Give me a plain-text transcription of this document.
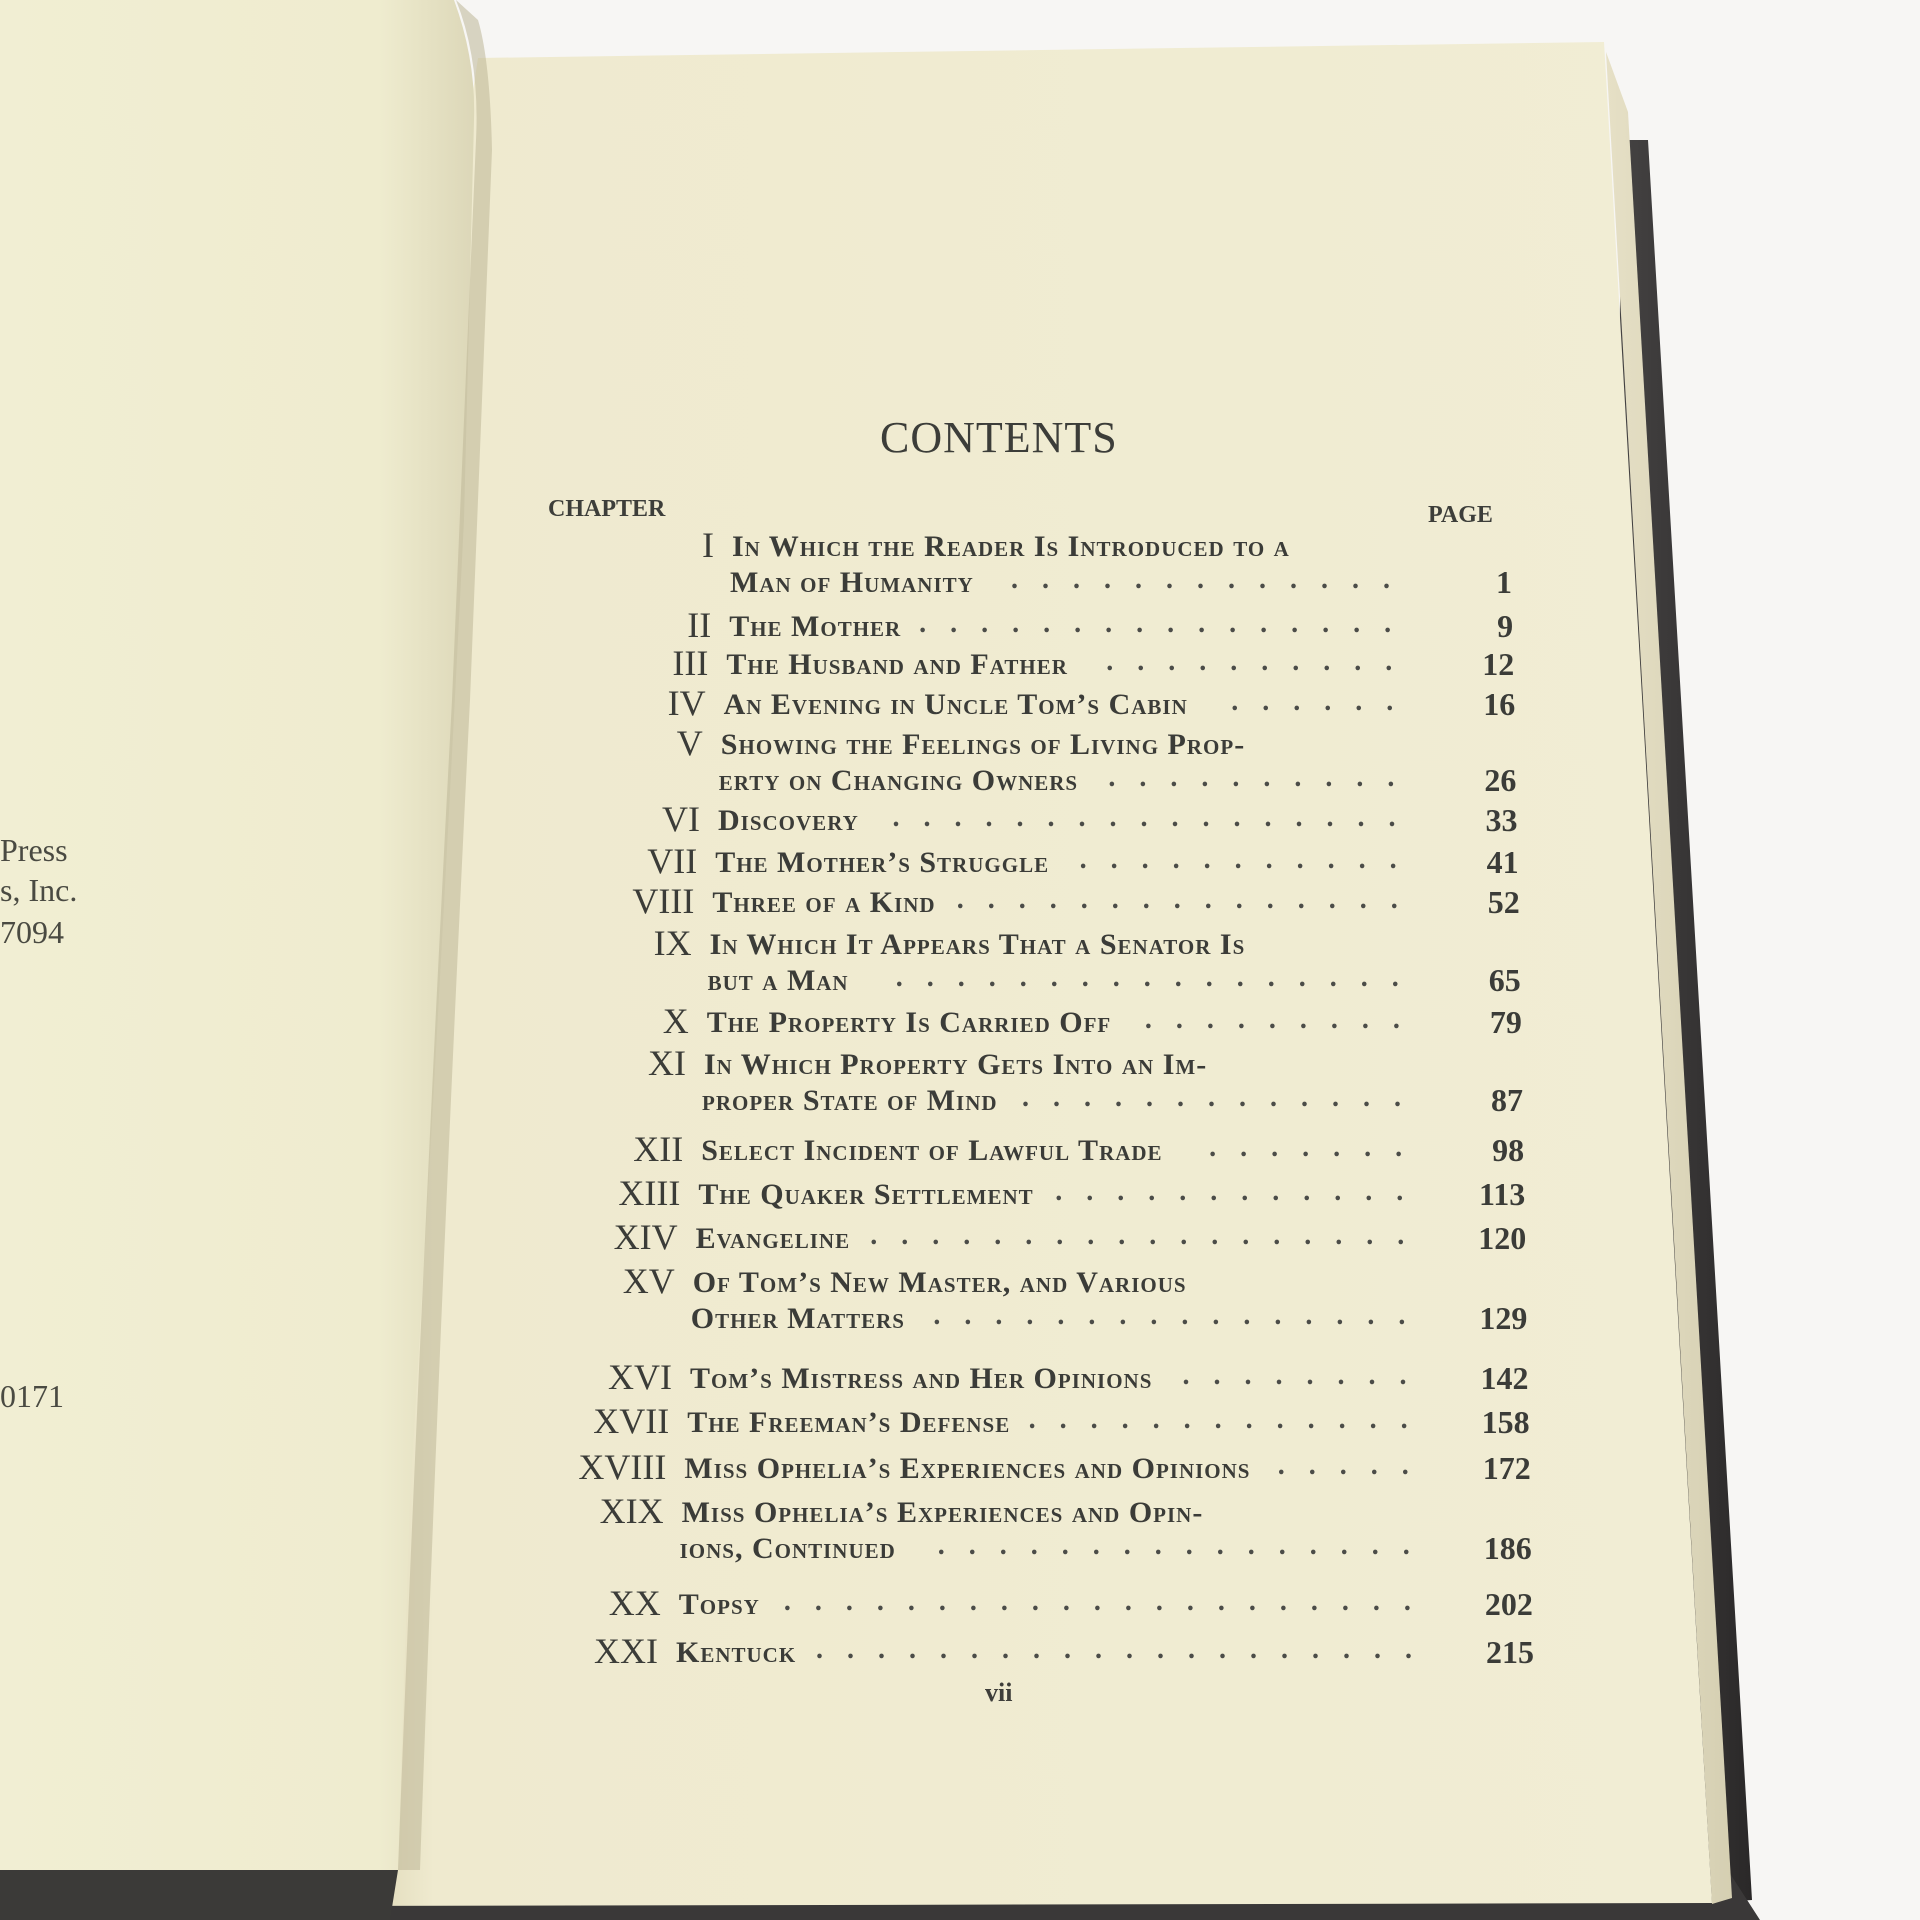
Press
s, Inc.
7094
0171
CONTENTS
CHAPTER	PAGE
I In Which the Reader Is Introduced to a
Man of Humanity .............	1
II The Mother ................	9
III The Husband and Father ..........	12
IV An Evening in Uncle Tom’s Cabin ......	16
V Showing the Feelings of Living Prop-
erty on Changing Owners ..........	26
VI Discovery .................	33
VII The Mother’s Struggle ...........	41
VIII Three of a Kind ...............	52
IX In Which It Appears That a Senator Is
but a Man .................	65
X The Property Is Carried Off .........	79
XI In Which Property Gets Into an Im-
proper State of Mind .............	87
XII Select Incident of Lawful Trade .......	98
XIII The Quaker Settlement ............	113
XIV Evangeline ..................	120
XV Of Tom’s New Master, and Various
Other Matters ................	129
XVI Tom’s Mistress and Her Opinions ........	142
XVII The Freeman’s Defense .............	158
XVIII Miss Ophelia’s Experiences and Opinions .....	172
XIX Miss Ophelia’s Experiences and Opin-
ions, Continued ................	186
XX Topsy .....................	202
XXI Kentuck ....................	215
vii
